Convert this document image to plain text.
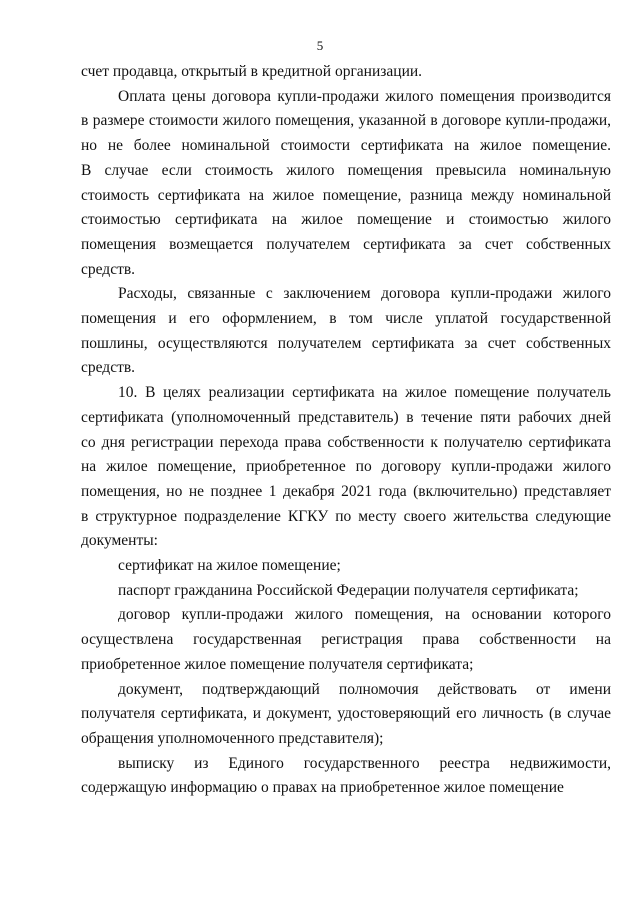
5

счет продавца, открытый в кредитной организации.

Оплата цены договора купли-продажи жилого помещения производится
в размере стоимости жилого помещения, указанной в договоре купли-продажи,
но не более номинальной стоимости сертификата на жилое помещение.
В случае если стоимость жилого помещения превысила номинальную
стоимость сертификата на жилое помещение, разница между номинальной
стоимостью сертификата на жилое помещение и стоимостью жилого
помещения возмещается получателем сертификата за счет собственных
средств.

Расходы, связанные с заключением договора купли-продажи жилого
помещения и его оформлением, в том числе уплатой государственной
пошлины, осуществляются получателем сертификата за счет собственных
средств.

10. В целях реализации сертификата на жилое помещение получатель
сертификата (уполномоченный представитель) в течение пяти рабочих дней
со дня регистрации перехода права собственности к получателю сертификата
на жилое помещение, приобретенное по договору купли-продажи жилого
помещения, но не позднее 1 декабря 2021 года (включительно) представляет
в структурное подразделение КГКУ по месту своего жительства следующие
документы:

сертификат на жилое помещение;

паспорт гражданина Российской Федерации получателя сертификата;

договор купли-продажи жилого помещения, на основании которого
осуществлена государственная регистрация права собственности на
приобретенное жилое помещение получателя сертификата;

документ, подтверждающий полномочия действовать от имени
получателя сертификата, и документ, удостоверяющий его личность (в случае
обращения уполномоченного представителя);

выписку из Единого государственного реестра недвижимости,
содержащую информацию о правах на приобретенное жилое помещение
